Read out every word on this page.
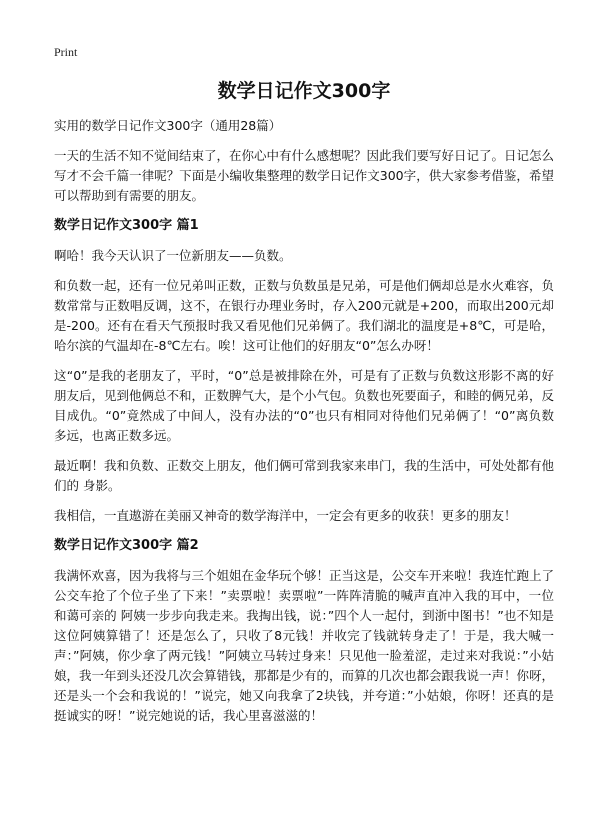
Print
数学日记作文300字
实用的数学日记作文300字（通用28篇）

一天的生活不知不觉间结束了，在你心中有什么感想呢？因此我们要写好日记了。日记怎么写才不会千篇一律呢？下面是小编收集整理的数学日记作文300字，供大家参考借鉴，希望可以帮助到有需要的朋友。

数学日记作文300字 篇1

啊哈！我今天认识了一位新朋友——负数。

和负数一起，还有一位兄弟叫正数，正数与负数虽是兄弟，可是他们俩却总是水火难容，负数常常与正数唱反调，这不，在银行办理业务时，存入200元就是+200，而取出200元却是-200。还有在看天气预报时我又看见他们兄弟俩了。我们湖北的温度是+8℃，可是哈，哈尔滨的气温却在-8℃左右。唉！这可让他们的好朋友“0”怎么办呀！

这“0”是我的老朋友了，平时，“0”总是被排除在外，可是有了正数与负数这形影不离的好朋友后，见到他俩总不和，正数脾气大，是个小气包。负数也死要面子，和睦的俩兄弟，反目成仇。“0”竟然成了中间人，没有办法的“0”也只有相同对待他们兄弟俩了！“0”离负数多远，也离正数多远。

最近啊！我和负数、正数交上朋友，他们俩可常到我家来串门，我的生活中，可处处都有他们的 身影。

我相信，一直遨游在美丽又神奇的数学海洋中，一定会有更多的收获！更多的朋友！

数学日记作文300字 篇2

我满怀欢喜，因为我将与三个姐姐在金华玩个够！正当这是，公交车开来啦！我连忙跑上了公交车抢了个位子坐了下来！”卖票啦！卖票啦”一阵阵清脆的喊声直冲入我的耳中，一位和蔼可亲的 阿姨一步步向我走来。我掏出钱，说：”四个人一起付，到浙中图书！”也不知是这位阿姨算错了！还是怎么了，只收了8元钱！并收完了钱就转身走了！于是，我大喊一声：”阿姨，你少拿了两元钱！”阿姨立马转过身来！只见他一脸羞涩，走过来对我说：”小姑娘，我一年到头还没几次会算错钱，那都是少有的，而算的几次也都会跟我说一声！你呀，还是头一个会和我说的！”说完，她又向我拿了2块钱，并夸道：”小姑娘，你呀！还真的是挺诚实的呀！”说完她说的话，我心里喜滋滋的！
